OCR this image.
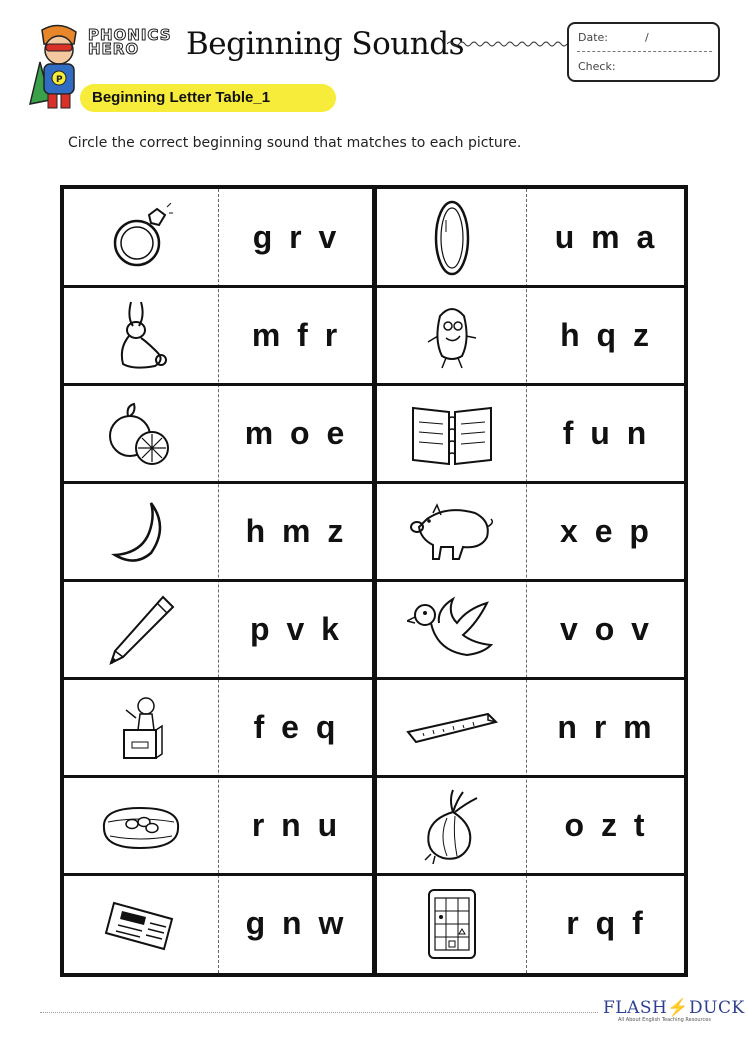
P
PHONICS
HERO	Beginning Sounds	Date:	/
Check:
Beginning Letter Table_1
Circle the correct beginning sound that matches to each picture.
g r v	u m a
m f r	h q z
m o e	f u n
h m z	x e p
p v k	v o v
f e q	n r m
r n u	o z t
g n w	r q f
FLASH⚡DUCK
All About English Teaching Resources
